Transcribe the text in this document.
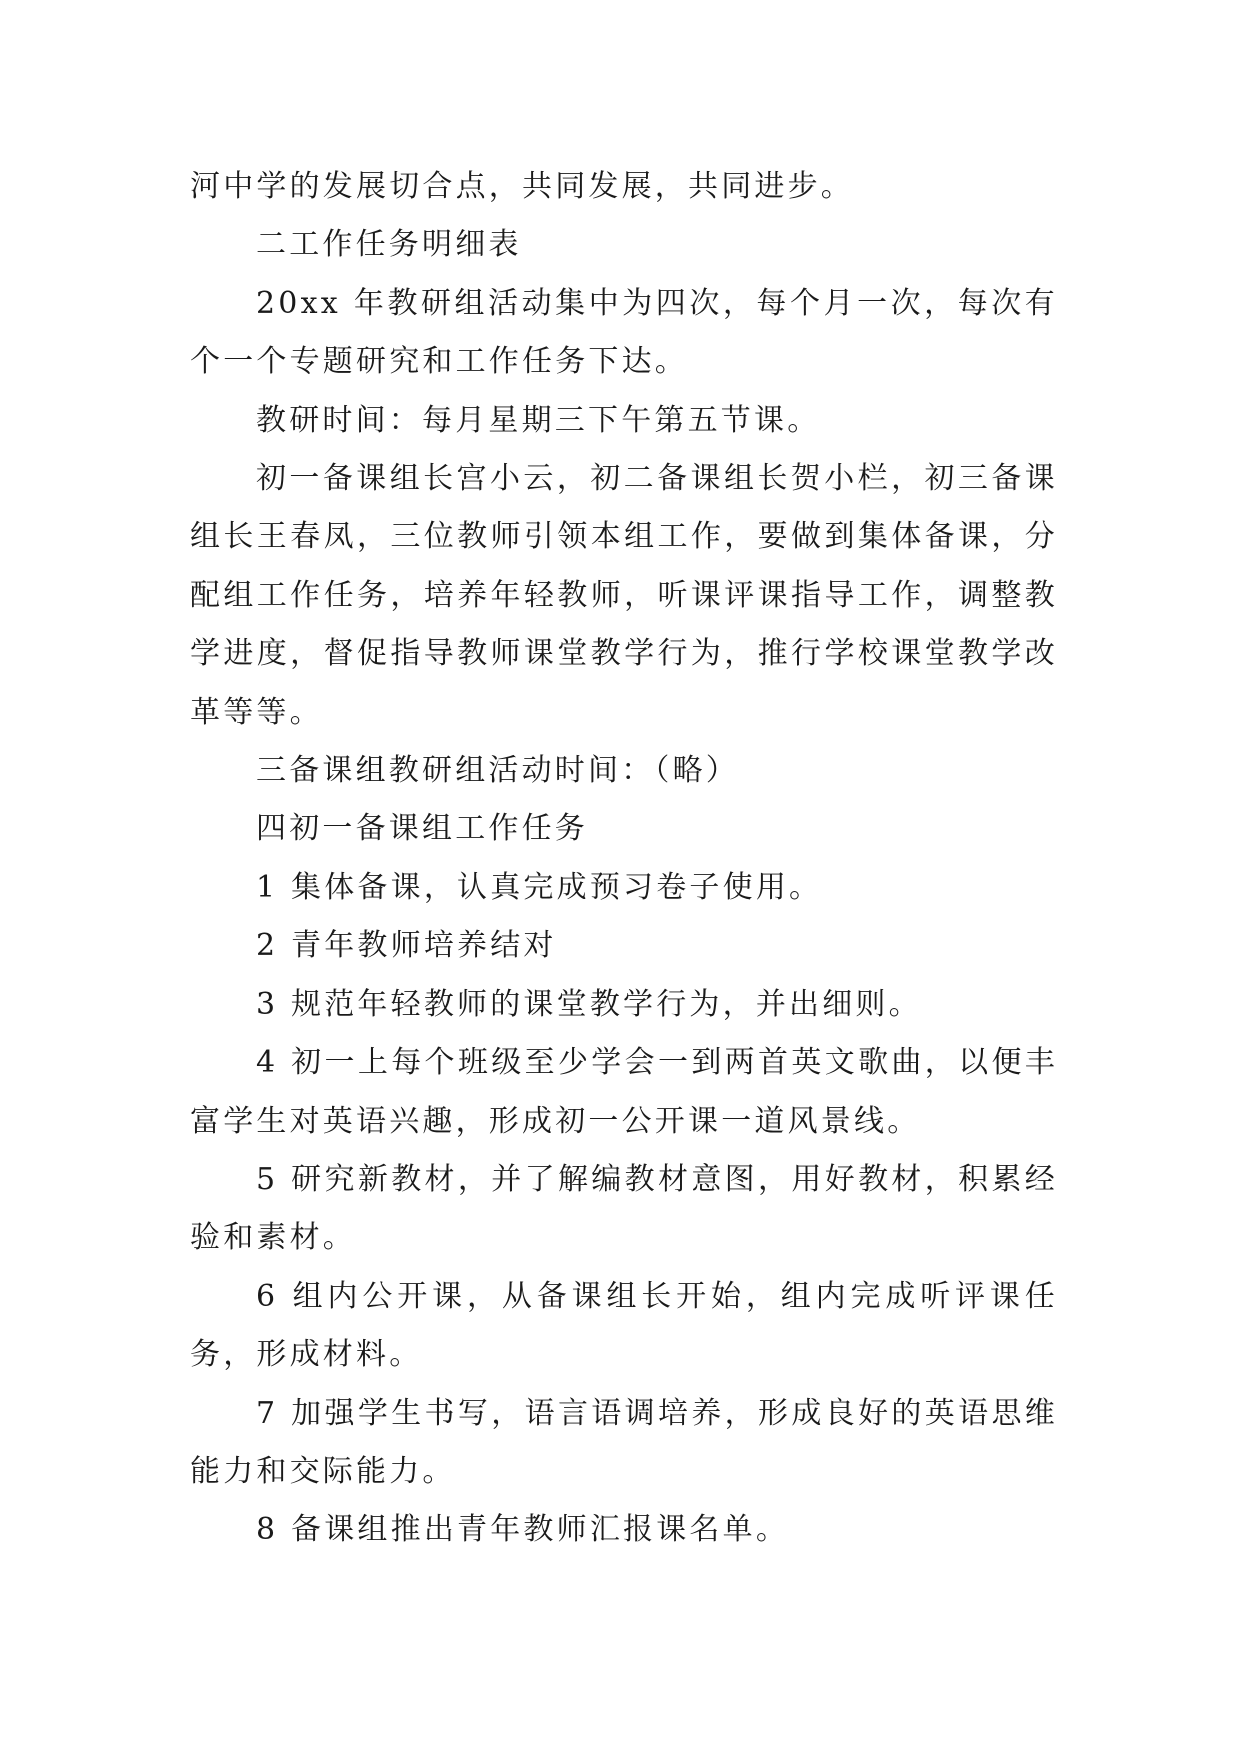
河中学的发展切合点，共同发展，共同进步。

二工作任务明细表

20xx 年教研组活动集中为四次，每个月一次，每次有个一个专题研究和工作任务下达。

教研时间：每月星期三下午第五节课。

初一备课组长宫小云，初二备课组长贺小栏，初三备课组长王春凤，三位教师引领本组工作，要做到集体备课，分配组工作任务，培养年轻教师，听课评课指导工作，调整教学进度，督促指导教师课堂教学行为，推行学校课堂教学改革等等。

三备课组教研组活动时间：（略）

四初一备课组工作任务

1 集体备课，认真完成预习卷子使用。

2 青年教师培养结对

3 规范年轻教师的课堂教学行为，并出细则。

4 初一上每个班级至少学会一到两首英文歌曲，以便丰富学生对英语兴趣，形成初一公开课一道风景线。

5 研究新教材，并了解编教材意图，用好教材，积累经验和素材。

6 组内公开课，从备课组长开始，组内完成听评课任务，形成材料。

7 加强学生书写，语言语调培养，形成良好的英语思维能力和交际能力。

8 备课组推出青年教师汇报课名单。
